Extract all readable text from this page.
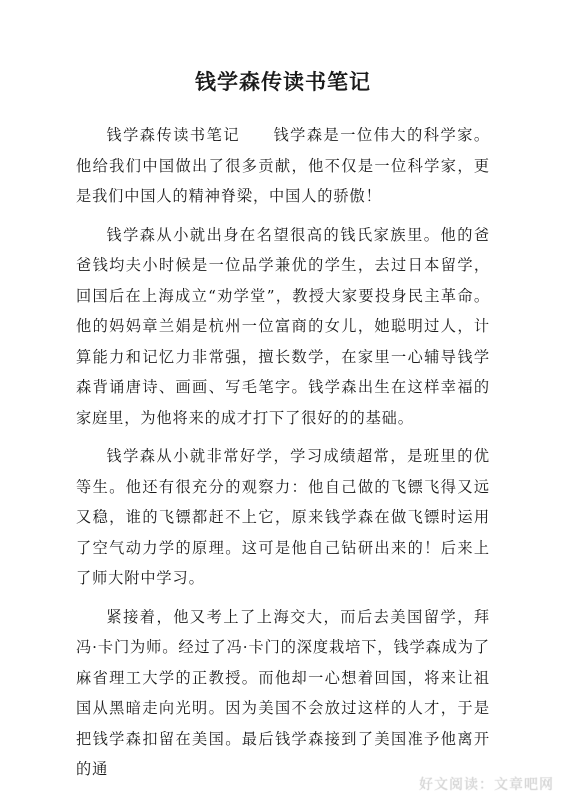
钱学森传读书笔记

钱学森传读书笔记　　钱学森是一位伟大的科学家。他给我们中国做出了很多贡献，他不仅是一位科学家，更是我们中国人的精神脊梁，中国人的骄傲！

钱学森从小就出身在名望很高的钱氏家族里。他的爸爸钱均夫小时候是一位品学兼优的学生，去过日本留学，回国后在上海成立“劝学堂”，教授大家要投身民主革命。他的妈妈章兰娟是杭州一位富商的女儿，她聪明过人，计算能力和记忆力非常强，擅长数学，在家里一心辅导钱学森背诵唐诗、画画、写毛笔字。钱学森出生在这样幸福的家庭里，为他将来的成才打下了很好的的基础。

钱学森从小就非常好学，学习成绩超常，是班里的优等生。他还有很充分的观察力：他自己做的飞镖飞得又远又稳，谁的飞镖都赶不上它，原来钱学森在做飞镖时运用了空气动力学的原理。这可是他自己钻研出来的！后来上了师大附中学习。

紧接着，他又考上了上海交大，而后去美国留学，拜冯·卡门为师。经过了冯·卡门的深度栽培下，钱学森成为了麻省理工大学的正教授。而他却一心想着回国，将来让祖国从黑暗走向光明。因为美国不会放过这样的人才，于是把钱学森扣留在美国。最后钱学森接到了美国准予他离开的通

好文阅读：文章吧网
